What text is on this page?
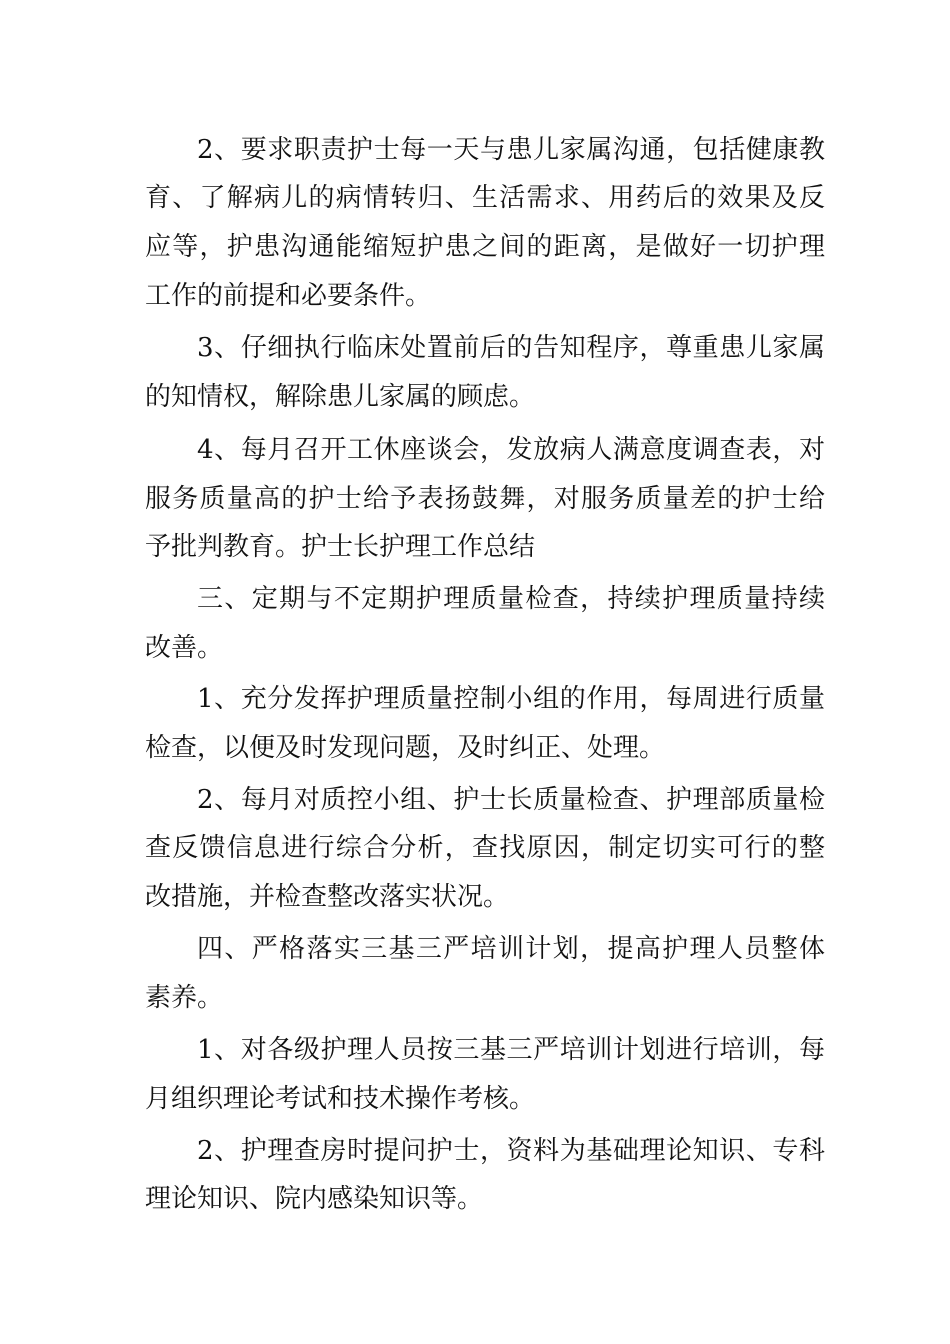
2、要求职责护士每一天与患儿家属沟通，包括健康教
育、了解病儿的病情转归、生活需求、用药后的效果及反
应等，护患沟通能缩短护患之间的距离，是做好一切护理
工作的前提和必要条件。
3、仔细执行临床处置前后的告知程序，尊重患儿家属
的知情权，解除患儿家属的顾虑。
4、每月召开工休座谈会，发放病人满意度调查表，对
服务质量高的护士给予表扬鼓舞，对服务质量差的护士给
予批判教育。护士长护理工作总结
三、定期与不定期护理质量检查，持续护理质量持续
改善。
1、充分发挥护理质量控制小组的作用，每周进行质量
检查，以便及时发现问题，及时纠正、处理。
2、每月对质控小组、护士长质量检查、护理部质量检
查反馈信息进行综合分析，查找原因，制定切实可行的整
改措施，并检查整改落实状况。
四、严格落实三基三严培训计划，提高护理人员整体
素养。
1、对各级护理人员按三基三严培训计划进行培训，每
月组织理论考试和技术操作考核。
2、护理查房时提问护士，资料为基础理论知识、专科
理论知识、院内感染知识等。
